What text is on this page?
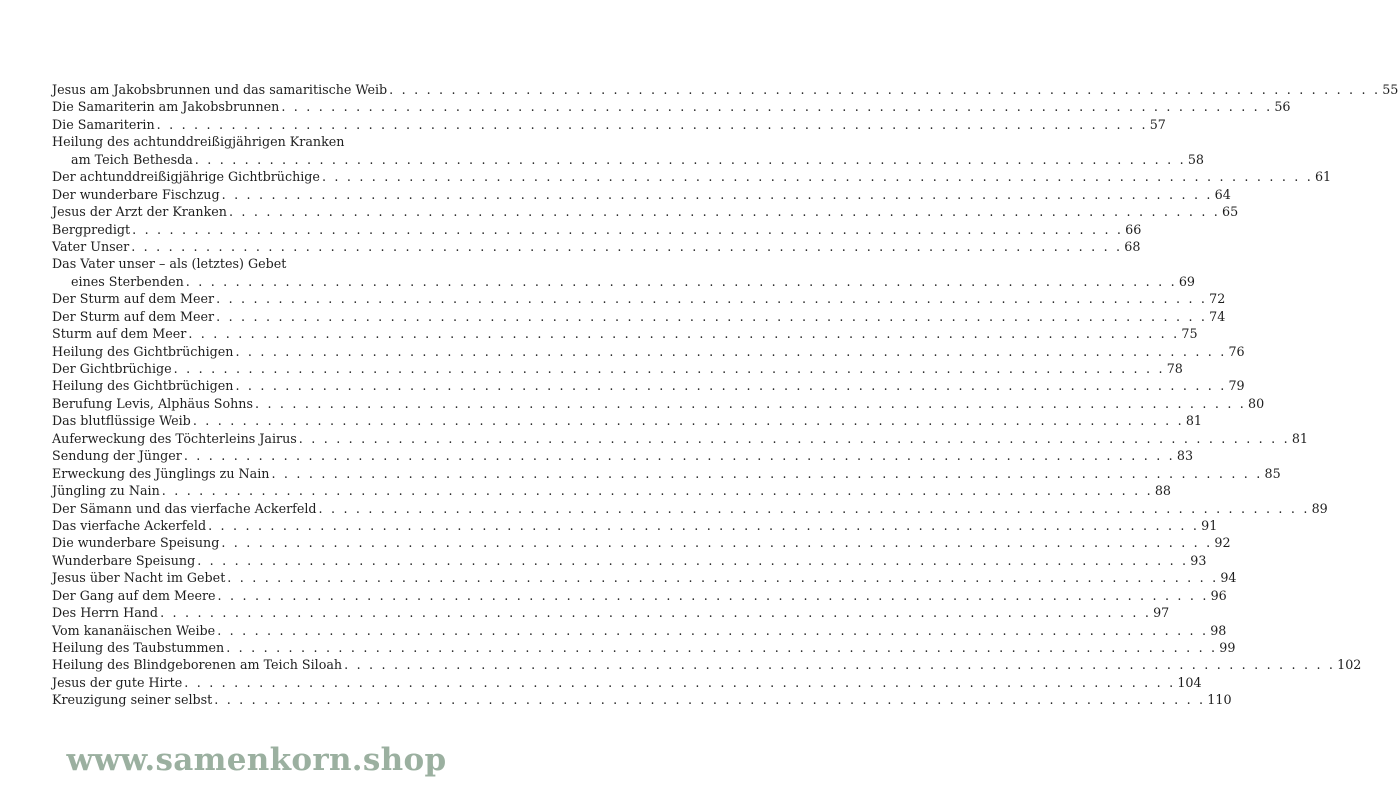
Jesus am Jakobsbrunnen und das samaritische Weib . . . . . . . . . . . . . . . . . . . . . . . . . . . . . . . . . . . . . . . . . . . . . . . . . . . . . . . . . . . . . . . . . . . . . . . . . . . . . . . . 55
Die Samariterin am Jakobsbrunnen . . . . . . . . . . . . . . . . . . . . . . . . . . . . . . . . . . . . . . . . . . . . . . . . . . . . . . . . . . . . . . . . . . . . . . . . . . . . . . . . 56
Die Samariterin . . . . . . . . . . . . . . . . . . . . . . . . . . . . . . . . . . . . . . . . . . . . . . . . . . . . . . . . . . . . . . . . . . . . . . . . . . . . . . . . 57
Heilung des achtunddreißigjährigen Kranken
am Teich Bethesda . . . . . . . . . . . . . . . . . . . . . . . . . . . . . . . . . . . . . . . . . . . . . . . . . . . . . . . . . . . . . . . . . . . . . . . . . . . . . . . . 58
Der achtunddreißigjährige Gichtbrüchige . . . . . . . . . . . . . . . . . . . . . . . . . . . . . . . . . . . . . . . . . . . . . . . . . . . . . . . . . . . . . . . . . . . . . . . . . . . . . . . . 61
Der wunderbare Fischzug . . . . . . . . . . . . . . . . . . . . . . . . . . . . . . . . . . . . . . . . . . . . . . . . . . . . . . . . . . . . . . . . . . . . . . . . . . . . . . . . 64
Jesus der Arzt der Kranken . . . . . . . . . . . . . . . . . . . . . . . . . . . . . . . . . . . . . . . . . . . . . . . . . . . . . . . . . . . . . . . . . . . . . . . . . . . . . . . . 65
Bergpredigt . . . . . . . . . . . . . . . . . . . . . . . . . . . . . . . . . . . . . . . . . . . . . . . . . . . . . . . . . . . . . . . . . . . . . . . . . . . . . . . . 66
Vater Unser . . . . . . . . . . . . . . . . . . . . . . . . . . . . . . . . . . . . . . . . . . . . . . . . . . . . . . . . . . . . . . . . . . . . . . . . . . . . . . . . 68
Das Vater unser – als (letztes) Gebet
eines Sterbenden . . . . . . . . . . . . . . . . . . . . . . . . . . . . . . . . . . . . . . . . . . . . . . . . . . . . . . . . . . . . . . . . . . . . . . . . . . . . . . . . 69
Der Sturm auf dem Meer . . . . . . . . . . . . . . . . . . . . . . . . . . . . . . . . . . . . . . . . . . . . . . . . . . . . . . . . . . . . . . . . . . . . . . . . . . . . . . . . 72
Der Sturm auf dem Meer . . . . . . . . . . . . . . . . . . . . . . . . . . . . . . . . . . . . . . . . . . . . . . . . . . . . . . . . . . . . . . . . . . . . . . . . . . . . . . . . 74
Sturm auf dem Meer . . . . . . . . . . . . . . . . . . . . . . . . . . . . . . . . . . . . . . . . . . . . . . . . . . . . . . . . . . . . . . . . . . . . . . . . . . . . . . . . 75
Heilung des Gichtbrüchigen . . . . . . . . . . . . . . . . . . . . . . . . . . . . . . . . . . . . . . . . . . . . . . . . . . . . . . . . . . . . . . . . . . . . . . . . . . . . . . . . 76
Der Gichtbrüchige . . . . . . . . . . . . . . . . . . . . . . . . . . . . . . . . . . . . . . . . . . . . . . . . . . . . . . . . . . . . . . . . . . . . . . . . . . . . . . . . 78
Heilung des Gichtbrüchigen . . . . . . . . . . . . . . . . . . . . . . . . . . . . . . . . . . . . . . . . . . . . . . . . . . . . . . . . . . . . . . . . . . . . . . . . . . . . . . . . 79
Berufung Levis, Alphäus Sohns . . . . . . . . . . . . . . . . . . . . . . . . . . . . . . . . . . . . . . . . . . . . . . . . . . . . . . . . . . . . . . . . . . . . . . . . . . . . . . . . 80
Das blutflüssige Weib . . . . . . . . . . . . . . . . . . . . . . . . . . . . . . . . . . . . . . . . . . . . . . . . . . . . . . . . . . . . . . . . . . . . . . . . . . . . . . . . 81
Auferweckung des Töchterleins Jairus . . . . . . . . . . . . . . . . . . . . . . . . . . . . . . . . . . . . . . . . . . . . . . . . . . . . . . . . . . . . . . . . . . . . . . . . . . . . . . . . 81
Sendung der Jünger . . . . . . . . . . . . . . . . . . . . . . . . . . . . . . . . . . . . . . . . . . . . . . . . . . . . . . . . . . . . . . . . . . . . . . . . . . . . . . . . 83
Erweckung des Jünglings zu Nain . . . . . . . . . . . . . . . . . . . . . . . . . . . . . . . . . . . . . . . . . . . . . . . . . . . . . . . . . . . . . . . . . . . . . . . . . . . . . . . . 85
Jüngling zu Nain . . . . . . . . . . . . . . . . . . . . . . . . . . . . . . . . . . . . . . . . . . . . . . . . . . . . . . . . . . . . . . . . . . . . . . . . . . . . . . . . 88
Der Sämann und das vierfache Ackerfeld . . . . . . . . . . . . . . . . . . . . . . . . . . . . . . . . . . . . . . . . . . . . . . . . . . . . . . . . . . . . . . . . . . . . . . . . . . . . . . . . 89
Das vierfache Ackerfeld . . . . . . . . . . . . . . . . . . . . . . . . . . . . . . . . . . . . . . . . . . . . . . . . . . . . . . . . . . . . . . . . . . . . . . . . . . . . . . . . 91
Die wunderbare Speisung . . . . . . . . . . . . . . . . . . . . . . . . . . . . . . . . . . . . . . . . . . . . . . . . . . . . . . . . . . . . . . . . . . . . . . . . . . . . . . . . 92
Wunderbare Speisung . . . . . . . . . . . . . . . . . . . . . . . . . . . . . . . . . . . . . . . . . . . . . . . . . . . . . . . . . . . . . . . . . . . . . . . . . . . . . . . . 93
Jesus über Nacht im Gebet . . . . . . . . . . . . . . . . . . . . . . . . . . . . . . . . . . . . . . . . . . . . . . . . . . . . . . . . . . . . . . . . . . . . . . . . . . . . . . . . 94
Der Gang auf dem Meere . . . . . . . . . . . . . . . . . . . . . . . . . . . . . . . . . . . . . . . . . . . . . . . . . . . . . . . . . . . . . . . . . . . . . . . . . . . . . . . . 96
Des Herrn Hand . . . . . . . . . . . . . . . . . . . . . . . . . . . . . . . . . . . . . . . . . . . . . . . . . . . . . . . . . . . . . . . . . . . . . . . . . . . . . . . . 97
Vom kananäischen Weibe . . . . . . . . . . . . . . . . . . . . . . . . . . . . . . . . . . . . . . . . . . . . . . . . . . . . . . . . . . . . . . . . . . . . . . . . . . . . . . . . 98
Heilung des Taubstummen . . . . . . . . . . . . . . . . . . . . . . . . . . . . . . . . . . . . . . . . . . . . . . . . . . . . . . . . . . . . . . . . . . . . . . . . . . . . . . . . 99
Heilung des Blindgeborenen am Teich Siloah . . . . . . . . . . . . . . . . . . . . . . . . . . . . . . . . . . . . . . . . . . . . . . . . . . . . . . . . . . . . . . . . . . . . . . . . . . . . . . . . 102
Jesus der gute Hirte . . . . . . . . . . . . . . . . . . . . . . . . . . . . . . . . . . . . . . . . . . . . . . . . . . . . . . . . . . . . . . . . . . . . . . . . . . . . . . . . 104
Kreuzigung seiner selbst . . . . . . . . . . . . . . . . . . . . . . . . . . . . . . . . . . . . . . . . . . . . . . . . . . . . . . . . . . . . . . . . . . . . . . . . . . . . . . . . 110
www.samenkorn.shop
